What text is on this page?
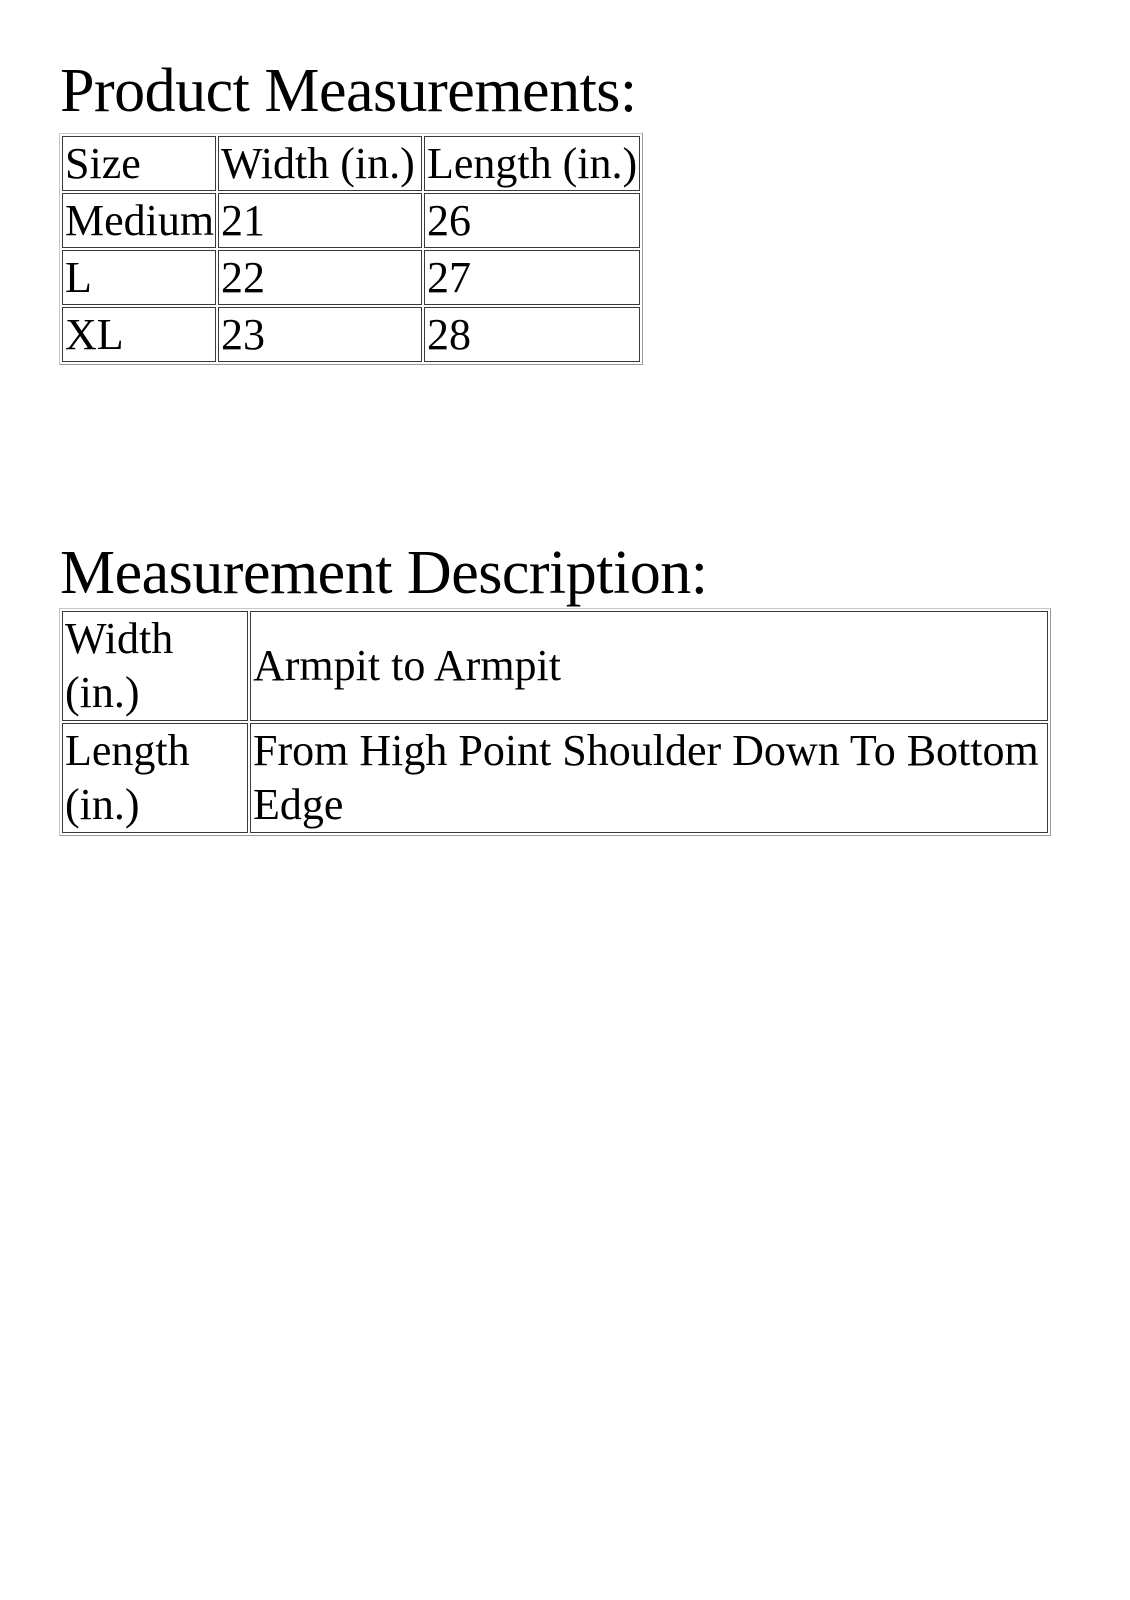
Product Measurements:
Size	Width (in.)	Length (in.)
Medium	21	26
L	22	27
XL	23	28
Measurement Description:
Width (in.)	Armpit to Armpit
Length (in.)	From High Point Shoulder Down To Bottom Edge
